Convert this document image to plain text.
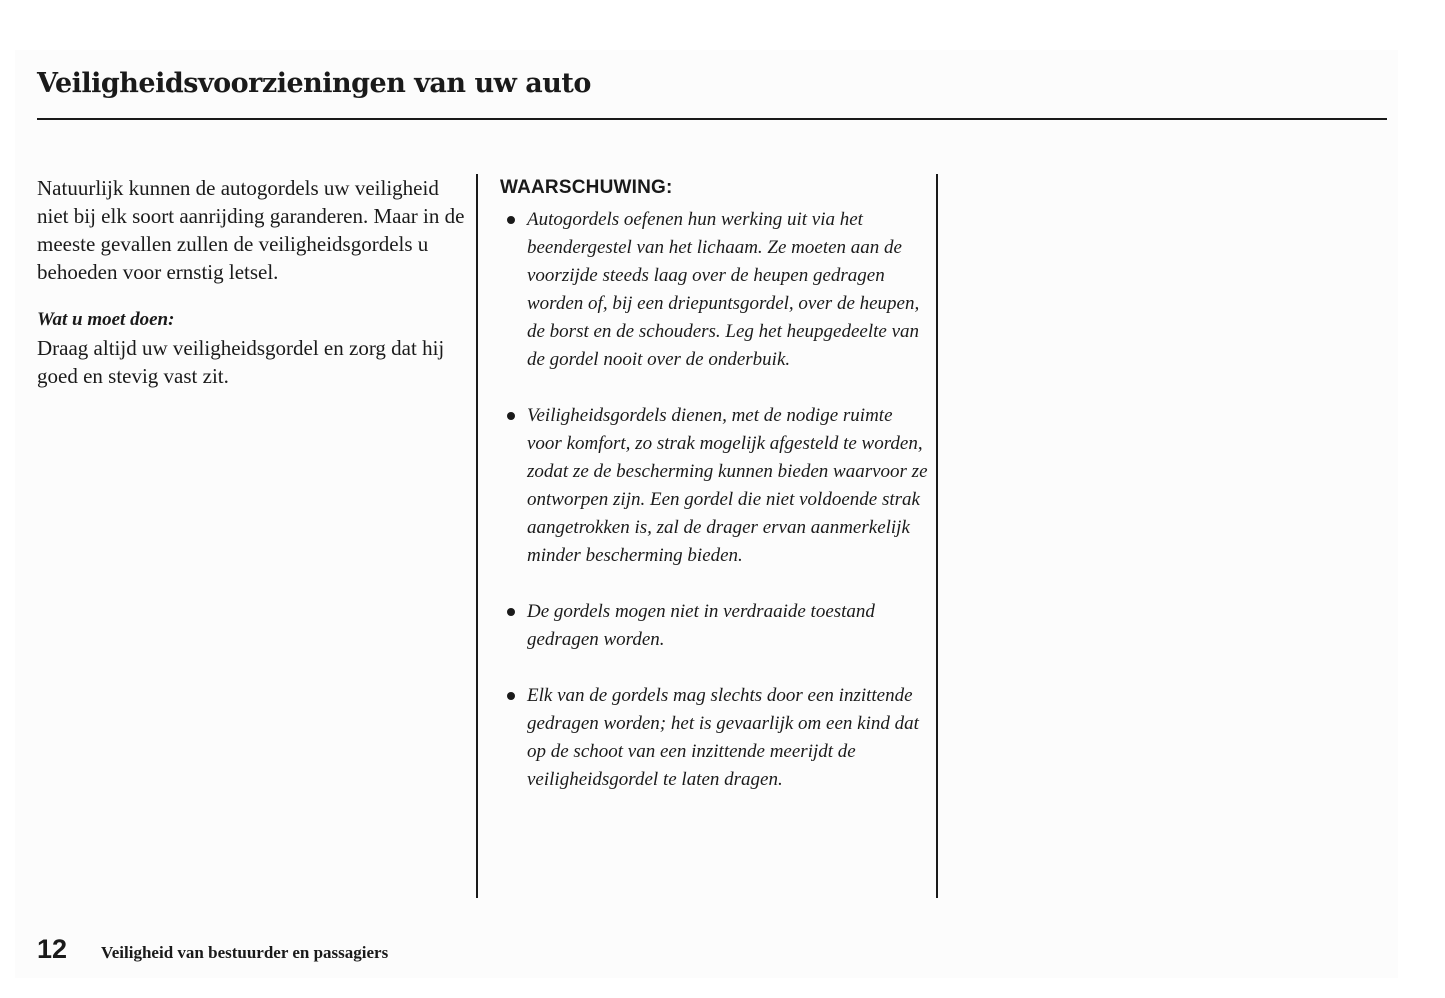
Veiligheidsvoorzieningen van uw auto

Natuurlijk kunnen de autogordels uw veiligheid niet bij elk soort aanrijding garanderen. Maar in de meeste gevallen zullen de veiligheidsgordels u behoeden voor ernstig letsel.

Wat u moet doen:

Draag altijd uw veiligheidsgordel en zorg dat hij goed en stevig vast zit.

WAARSCHUWING:

Autogordels oefenen hun werking uit via het beendergestel van het lichaam. Ze moeten aan de voorzijde steeds laag over de heupen gedragen worden of, bij een driepuntsgordel, over de heupen, de borst en de schouders. Leg het heupgedeelte van de gordel nooit over de onderbuik.
Veiligheidsgordels dienen, met de nodige ruimte voor komfort, zo strak mogelijk afgesteld te worden, zodat ze de bescherming kunnen bieden waarvoor ze ontworpen zijn. Een gordel die niet voldoende strak aangetrokken is, zal de drager ervan aanmerkelijk minder bescherming bieden.
De gordels mogen niet in verdraaide toestand gedragen worden.
Elk van de gordels mag slechts door een inzittende gedragen worden; het is gevaarlijk om een kind dat op de schoot van een inzittende meerijdt de veiligheidsgordel te laten dragen.
12 Veiligheid van bestuurder en passagiers
